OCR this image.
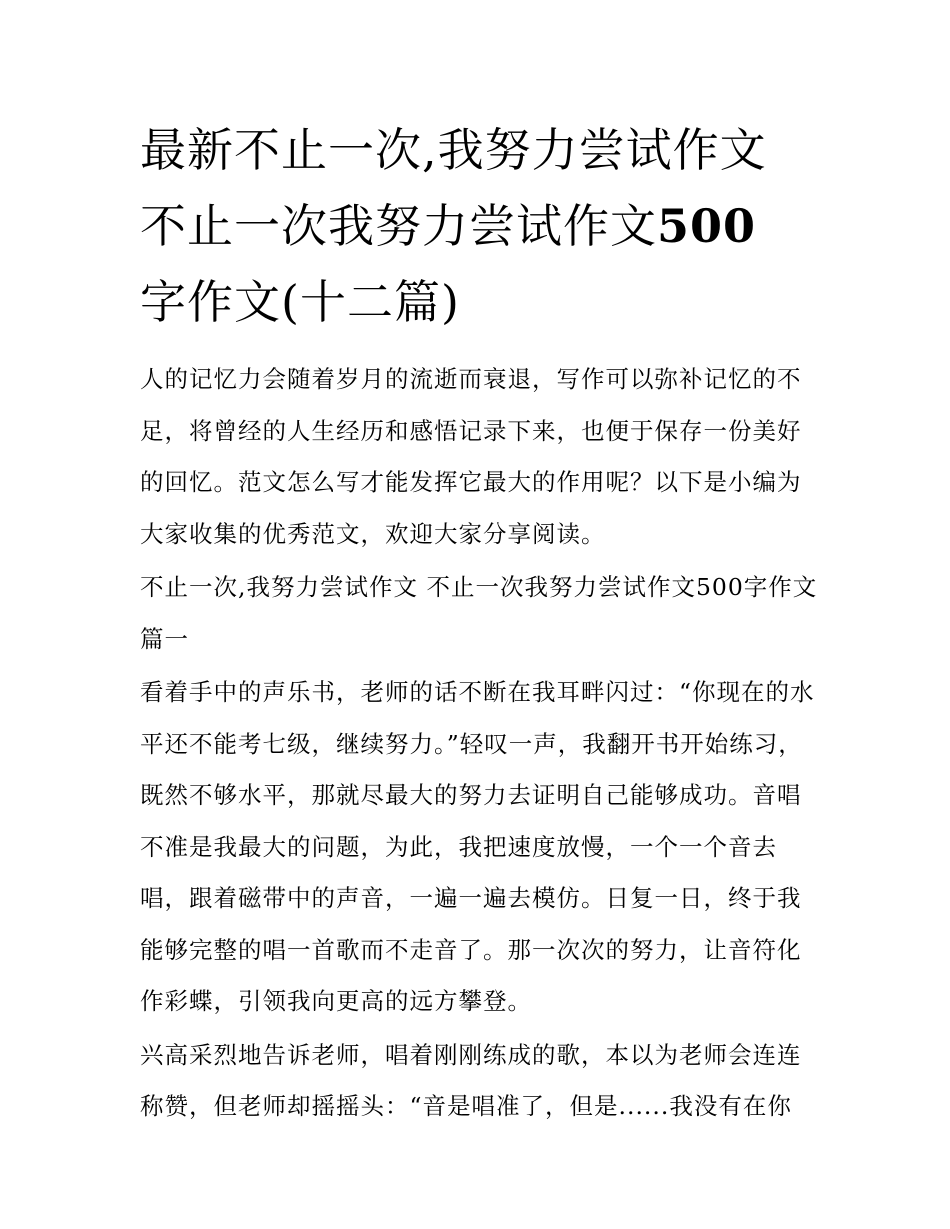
最新不止一次,我努力尝试作文
不止一次我努力尝试作文500
字作文(十二篇)

人的记忆力会随着岁月的流逝而衰退，写作可以弥补记忆的不足，将曾经的人生经历和感悟记录下来，也便于保存一份美好的回忆。范文怎么写才能发挥它最大的作用呢？以下是小编为大家收集的优秀范文，欢迎大家分享阅读。

不止一次,我努力尝试作文 不止一次我努力尝试作文500字作文篇一

看着手中的声乐书，老师的话不断在我耳畔闪过：“你现在的水平还不能考七级，继续努力。”轻叹一声，我翻开书开始练习，既然不够水平，那就尽最大的努力去证明自己能够成功。音唱不准是我最大的问题，为此，我把速度放慢，一个一个音去唱，跟着磁带中的声音，一遍一遍去模仿。日复一日，终于我能够完整的唱一首歌而不走音了。那一次次的努力，让音符化作彩蝶，引领我向更高的远方攀登。

兴高采烈地告诉老师，唱着刚刚练成的歌，本以为老师会连连称赞，但老师却摇摇头：“音是唱准了，但是......我没有在你
